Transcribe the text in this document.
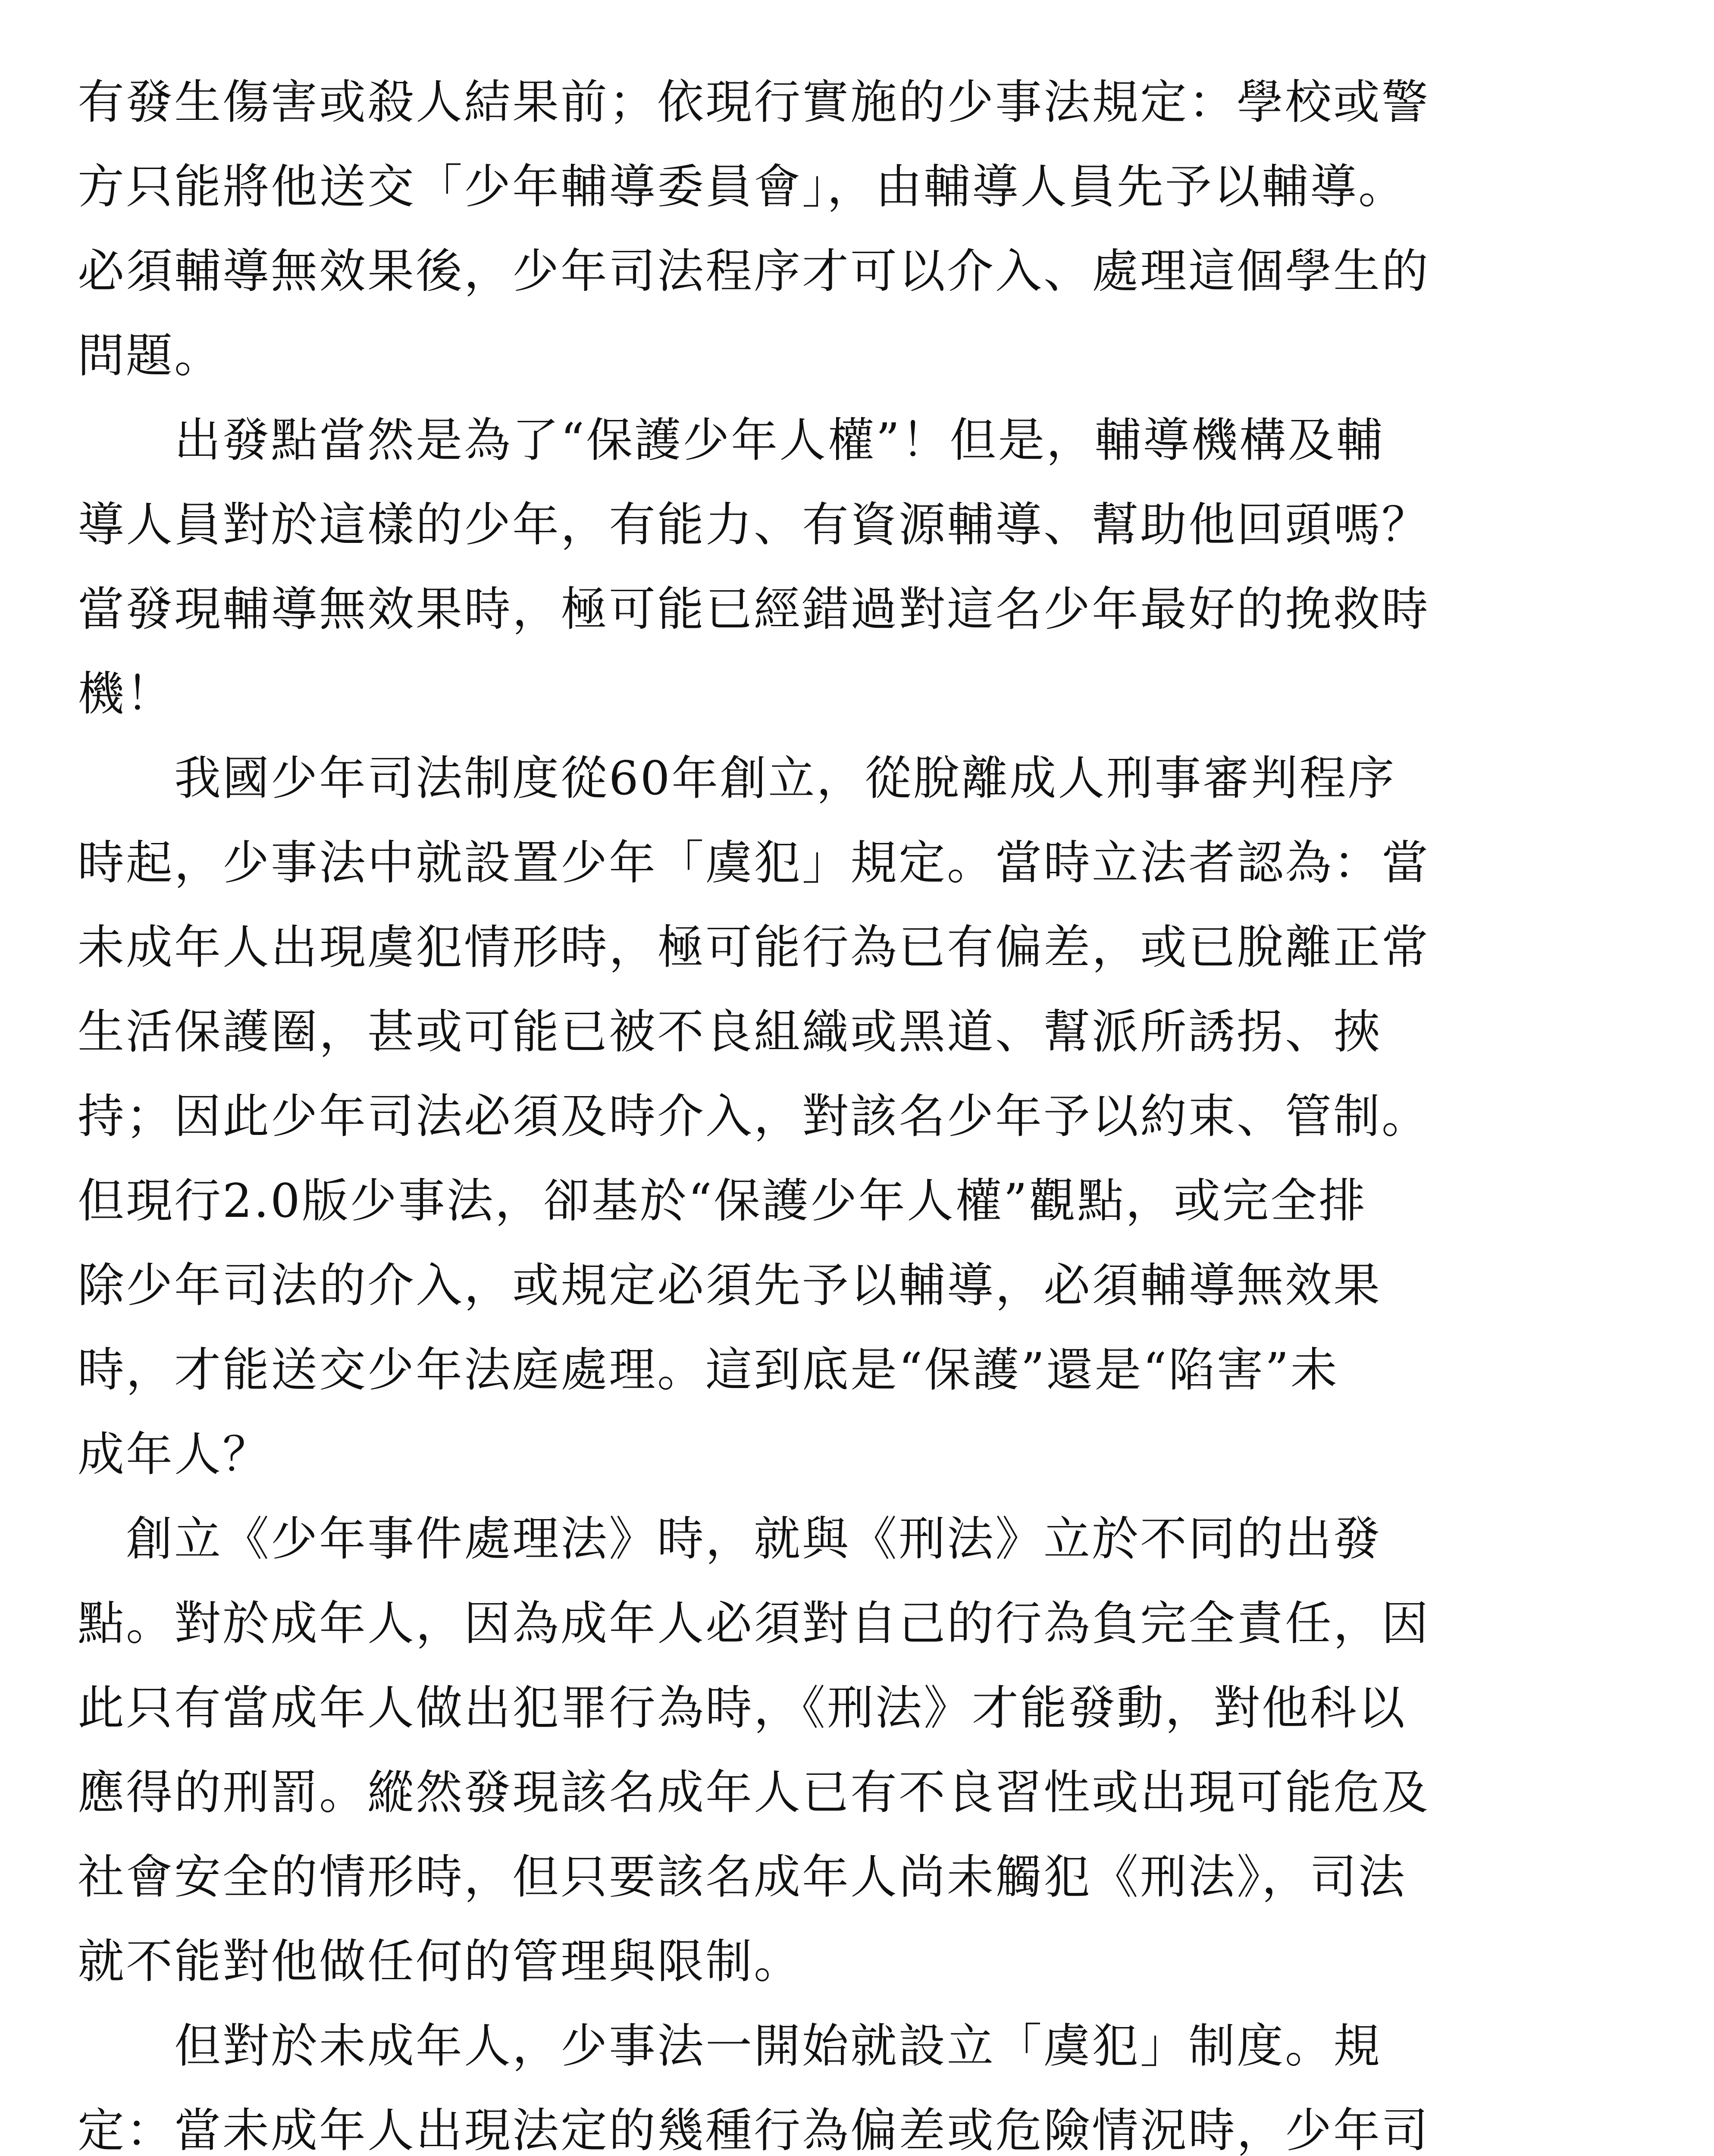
有發生傷害或殺人結果前；依現行實施的少事法規定：學校或警
方只能將他送交「少年輔導委員會」，由輔導人員先予以輔導。
必須輔導無效果後，少年司法程序才可以介入、處理這個學生的
問題。
　　出發點當然是為了“保護少年人權”！但是，輔導機構及輔
導人員對於這樣的少年，有能力、有資源輔導、幫助他回頭嗎？
當發現輔導無效果時，極可能已經錯過對這名少年最好的挽救時
機！
　　我國少年司法制度從60年創立，從脫離成人刑事審判程序
時起，少事法中就設置少年「虞犯」規定。當時立法者認為：當
未成年人出現虞犯情形時，極可能行為已有偏差，或已脫離正常
生活保護圈，甚或可能已被不良組織或黑道、幫派所誘拐、挾
持；因此少年司法必須及時介入，對該名少年予以約束、管制。
但現行2.0版少事法，卻基於“保護少年人權”觀點，或完全排
除少年司法的介入，或規定必須先予以輔導，必須輔導無效果
時，才能送交少年法庭處理。這到底是“保護”還是“陷害”未
成年人？
　創立《少年事件處理法》時，就與《刑法》立於不同的出發
點。對於成年人，因為成年人必須對自己的行為負完全責任，因
此只有當成年人做出犯罪行為時，《刑法》才能發動，對他科以
應得的刑罰。縱然發現該名成年人已有不良習性或出現可能危及
社會安全的情形時，但只要該名成年人尚未觸犯《刑法》，司法
就不能對他做任何的管理與限制。
　　但對於未成年人，少事法一開始就設立「虞犯」制度。規
定：當未成年人出現法定的幾種行為偏差或危險情況時，少年司
